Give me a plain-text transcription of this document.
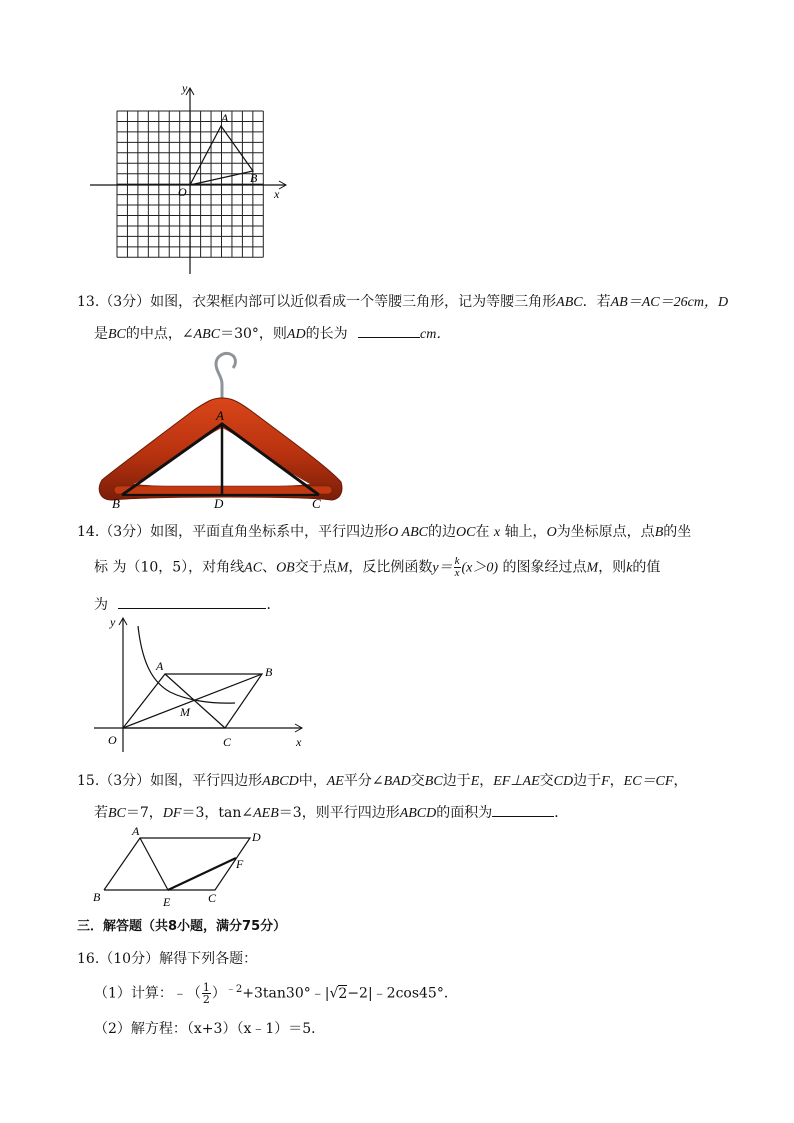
y
x
O
A
B
13.（3分）如图，衣架框内部可以近似看成一个等腰三角形，记为等腰三角形ABC．若AB＝AC＝26cm，D
是BC的中点，∠ABC＝30°，则AD的长为	cm．
A
B	D	C
14.（3分）如图，平面直角坐标系中，平行四边形O ABC的边OC在 x 轴上，O为坐标原点，点B的坐
标 为（10，5），对角线AC、OB交于点M，反比例函数$y= \frac{k}{x} (x>0)$ 的图象经过点M，则k的值
为	．
y
A	B
M
O	C	x
15.（3分）如图，平行四边形ABCD中，AE平分∠BAD交BC边于E，EF⊥AE交CD边于F，EC＝CF，
若BC＝7，DF＝3，tan∠AEB＝3，则平行四边形ABCD的面积为	．
A	D
F
B	E	C
三．解答题（共8小题，满分75分）
16.（10分）解得下列各题：
（1）计算：﹣（ $\frac{1}{2}$ ）$^{﹣2}$+3tan30°﹣|√2−2|﹣2cos45°．
（2）解方程：（x+3）（x﹣1）＝5．
